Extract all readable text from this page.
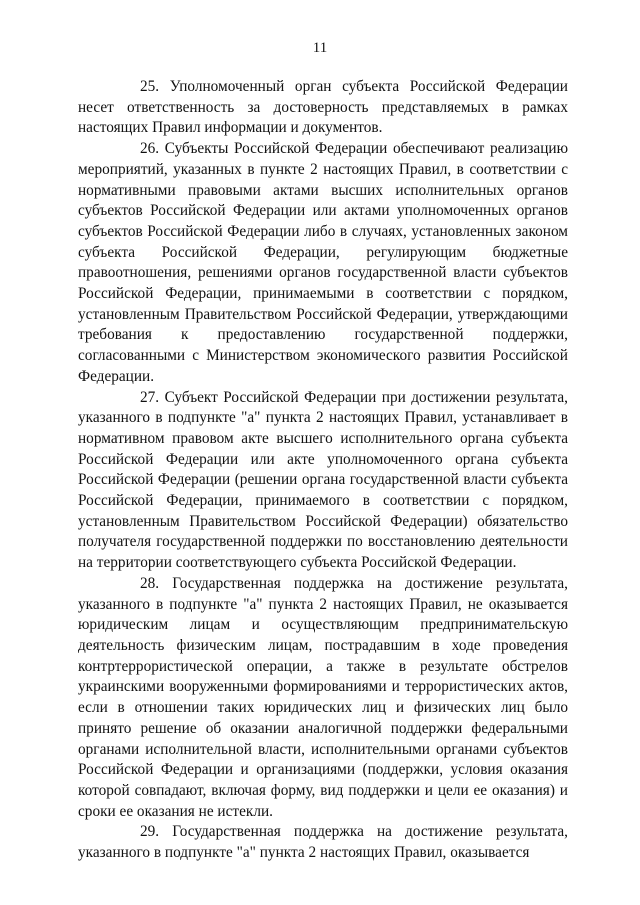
11

25. Уполномоченный орган субъекта Российской Федерации несет ответственность за достоверность представляемых в рамках настоящих Правил информации и документов.

26. Субъекты Российской Федерации обеспечивают реализацию мероприятий, указанных в пункте 2 настоящих Правил, в соответствии с нормативными правовыми актами высших исполнительных органов субъектов Российской Федерации или актами уполномоченных органов субъектов Российской Федерации либо в случаях, установленных законом субъекта Российской Федерации, регулирующим бюджетные правоотношения, решениями органов государственной власти субъектов Российской Федерации, принимаемыми в соответствии с порядком, установленным Правительством Российской Федерации, утверждающими требования к предоставлению государственной поддержки, согласованными с Министерством экономического развития Российской Федерации.

27. Субъект Российской Федерации при достижении результата, указанного в подпункте "а" пункта 2 настоящих Правил, устанавливает в нормативном правовом акте высшего исполнительного органа субъекта Российской Федерации или акте уполномоченного органа субъекта Российской Федерации (решении органа государственной власти субъекта Российской Федерации, принимаемого в соответствии с порядком, установленным Правительством Российской Федерации) обязательство получателя государственной поддержки по восстановлению деятельности на территории соответствующего субъекта Российской Федерации.

28. Государственная поддержка на достижение результата, указанного в подпункте "а" пункта 2 настоящих Правил, не оказывается юридическим лицам и осуществляющим предпринимательскую деятельность физическим лицам, пострадавшим в ходе проведения контртеррористической операции, а также в результате обстрелов украинскими вооруженными формированиями и террористических актов, если в отношении таких юридических лиц и физических лиц было принято решение об оказании аналогичной поддержки федеральными органами исполнительной власти, исполнительными органами субъектов Российской Федерации и организациями (поддержки, условия оказания которой совпадают, включая форму, вид поддержки и цели ее оказания) и сроки ее оказания не истекли.

29. Государственная поддержка на достижение результата, указанного в подпункте "а" пункта 2 настоящих Правил, оказывается
